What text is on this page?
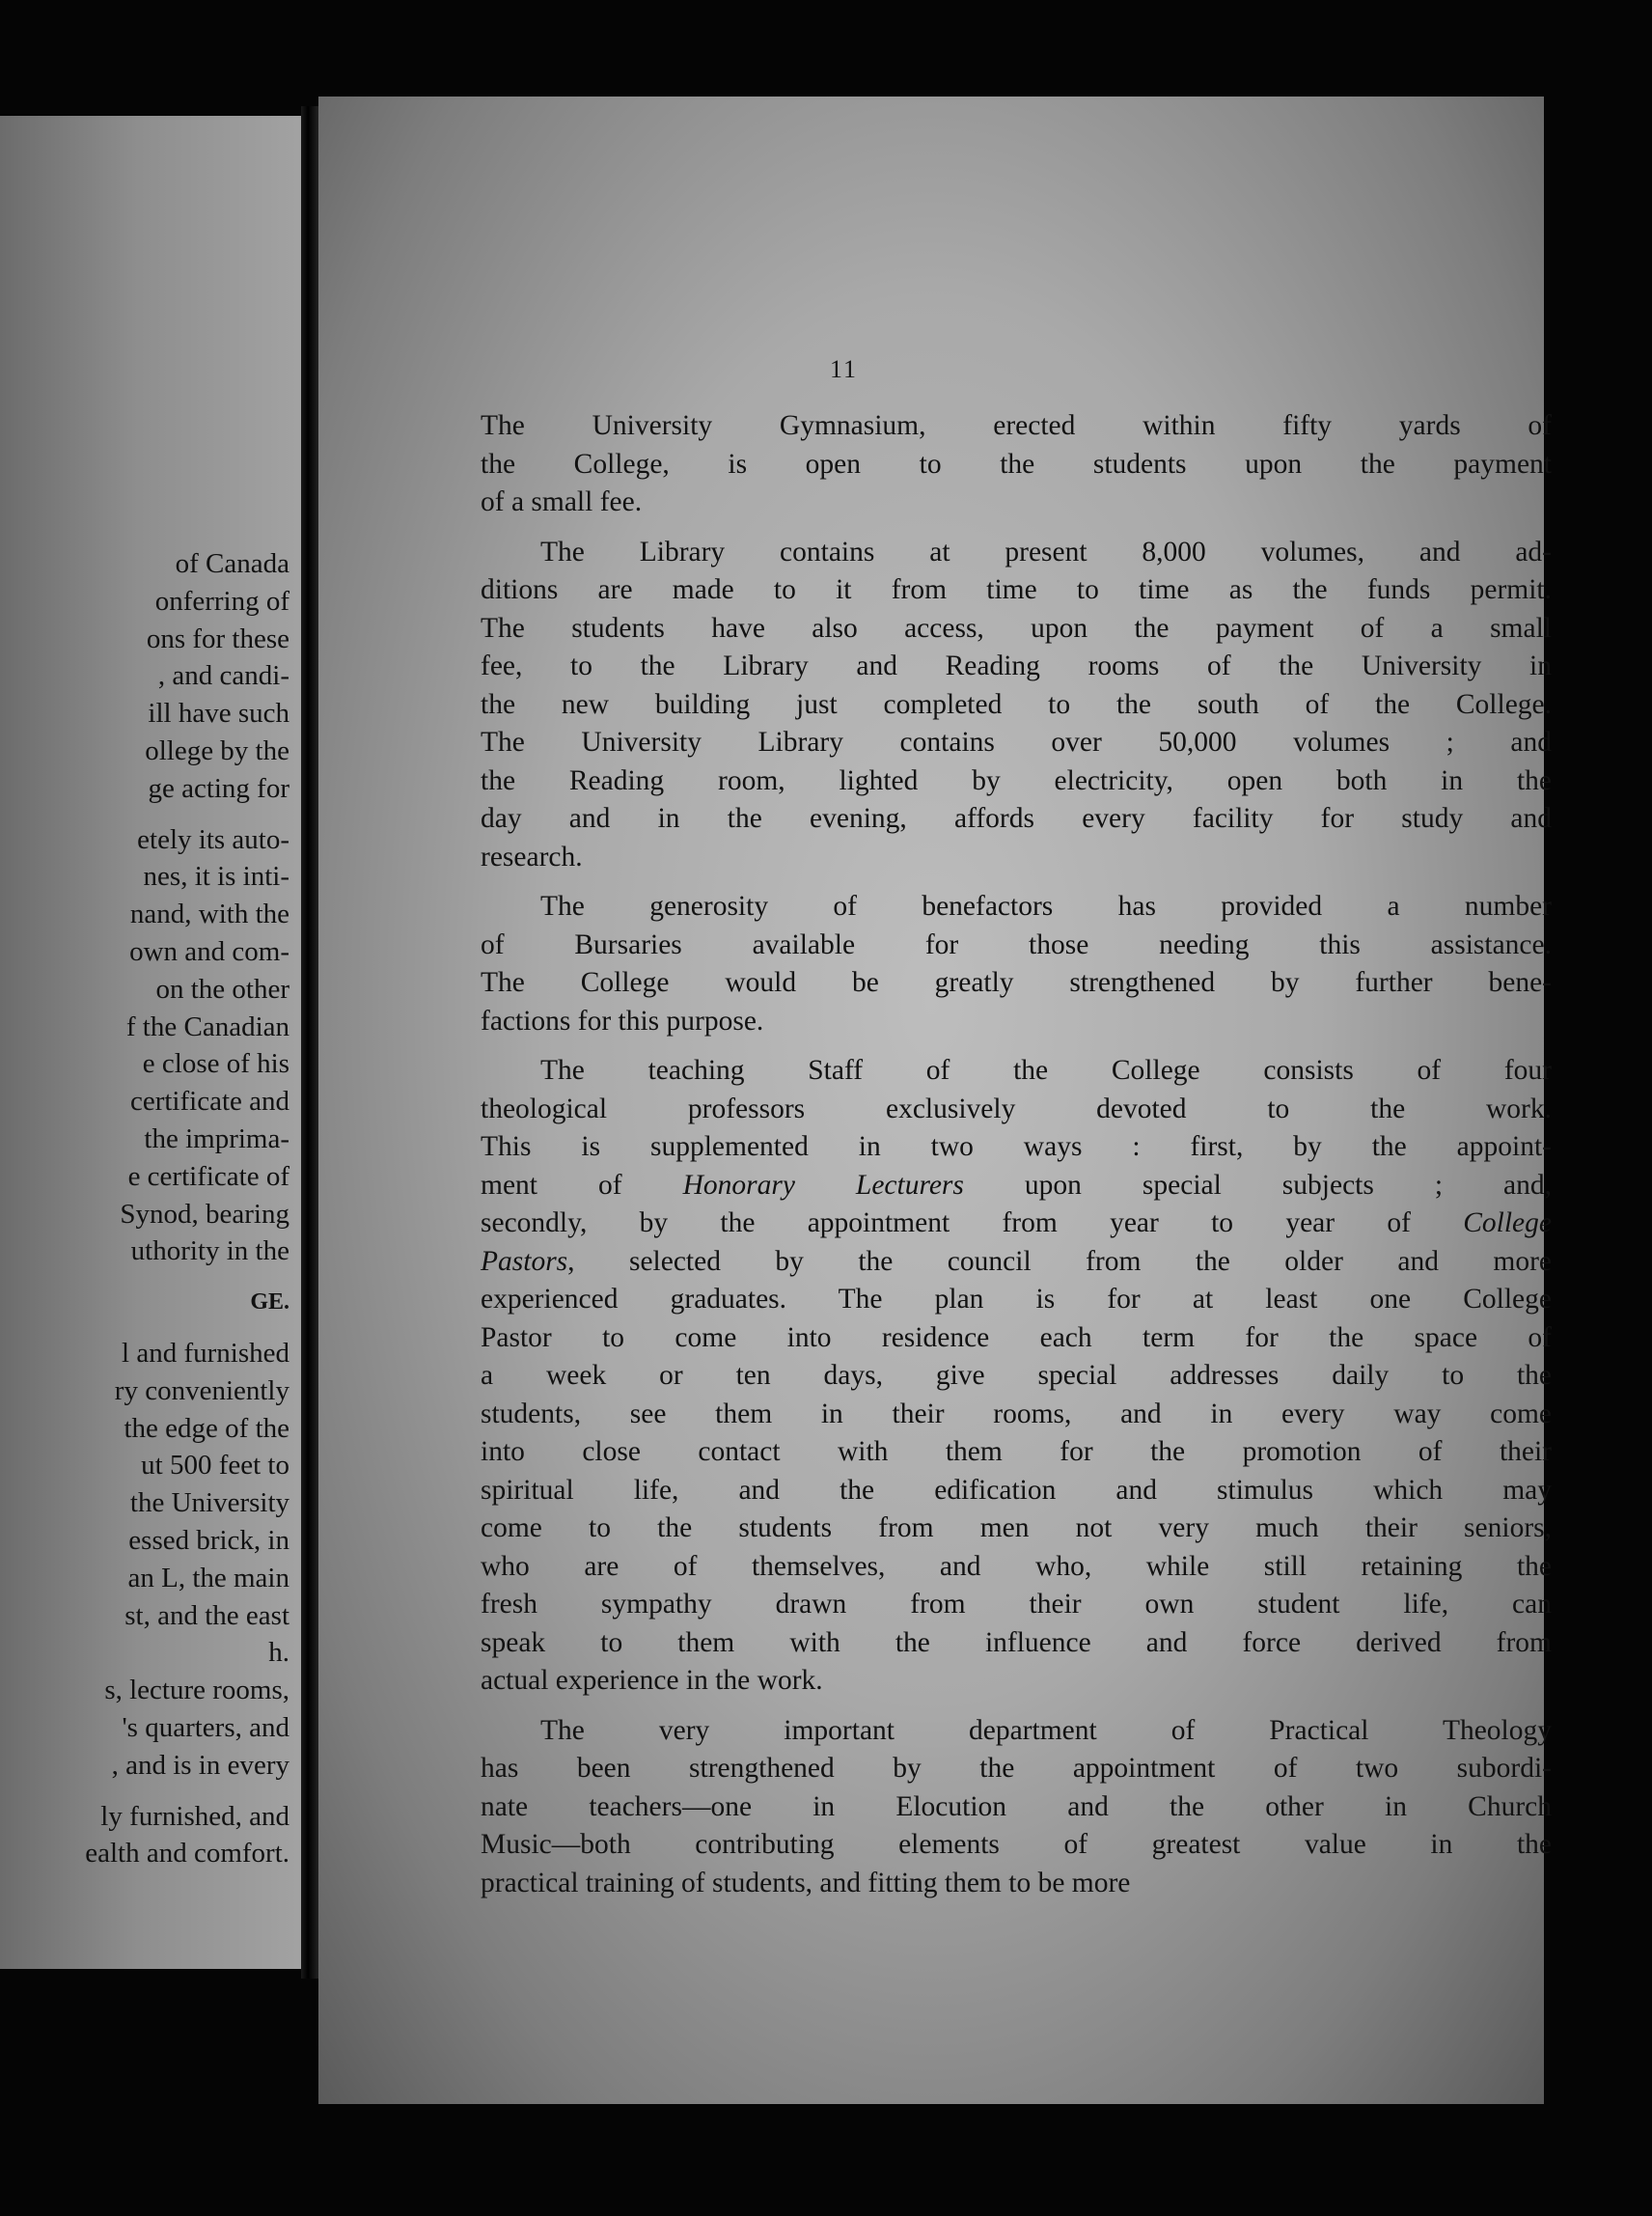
of Canada
onferring of
ons for these
, and candi-
ill have such
ollege by the
ge acting for
etely its auto-
nes, it is inti-
nand, with the
own and com-
on the other
f the Canadian
e close of his
certificate and
the imprima-
e certificate of
Synod, bearing
uthority in the
GE.
l and furnished
ry conveniently
the edge of the
ut 500 feet to
the University
essed brick, in
an L, the main
st, and the east
h.
s, lecture rooms,
's quarters, and
, and is in every
ly furnished, and
ealth and comfort.
11
The University Gymnasium, erected within fifty yards of
the College, is open to the students upon the payment
of a small fee.
The Library contains at present 8,000 volumes, and ad-
ditions are made to it from time to time as the funds permit.
The students have also access, upon the payment of a small
fee, to the Library and Reading rooms of the University in
the new building just completed to the south of the College.
The University Library contains over 50,000 volumes ; and
the Reading room, lighted by electricity, open both in the
day and in the evening, affords every facility for study and
research.
The generosity of benefactors has provided a number
of Bursaries available for those needing this assistance.
The College would be greatly strengthened by further bene-
factions for this purpose.
The teaching Staff of the College consists of four
theological professors exclusively devoted to the work.
This is supplemented in two ways : first, by the appoint-
ment of Honorary Lecturers upon special subjects ; and,
secondly, by the appointment from year to year of College
Pastors, selected by the council from the older and more
experienced graduates. The plan is for at least one College
Pastor to come into residence each term for the space of
a week or ten days, give special addresses daily to the
students, see them in their rooms, and in every way come
into close contact with them for the promotion of their
spiritual life, and the edification and stimulus which may
come to the students from men not very much their seniors,
who are of themselves, and who, while still retaining the
fresh sympathy drawn from their own student life, can
speak to them with the influence and force derived from
actual experience in the work.
The very important department of Practical Theology
has been strengthened by the appointment of two subordi-
nate teachers—one in Elocution and the other in Church
Music—both contributing elements of greatest value in the
practical training of students, and fitting them to be more
